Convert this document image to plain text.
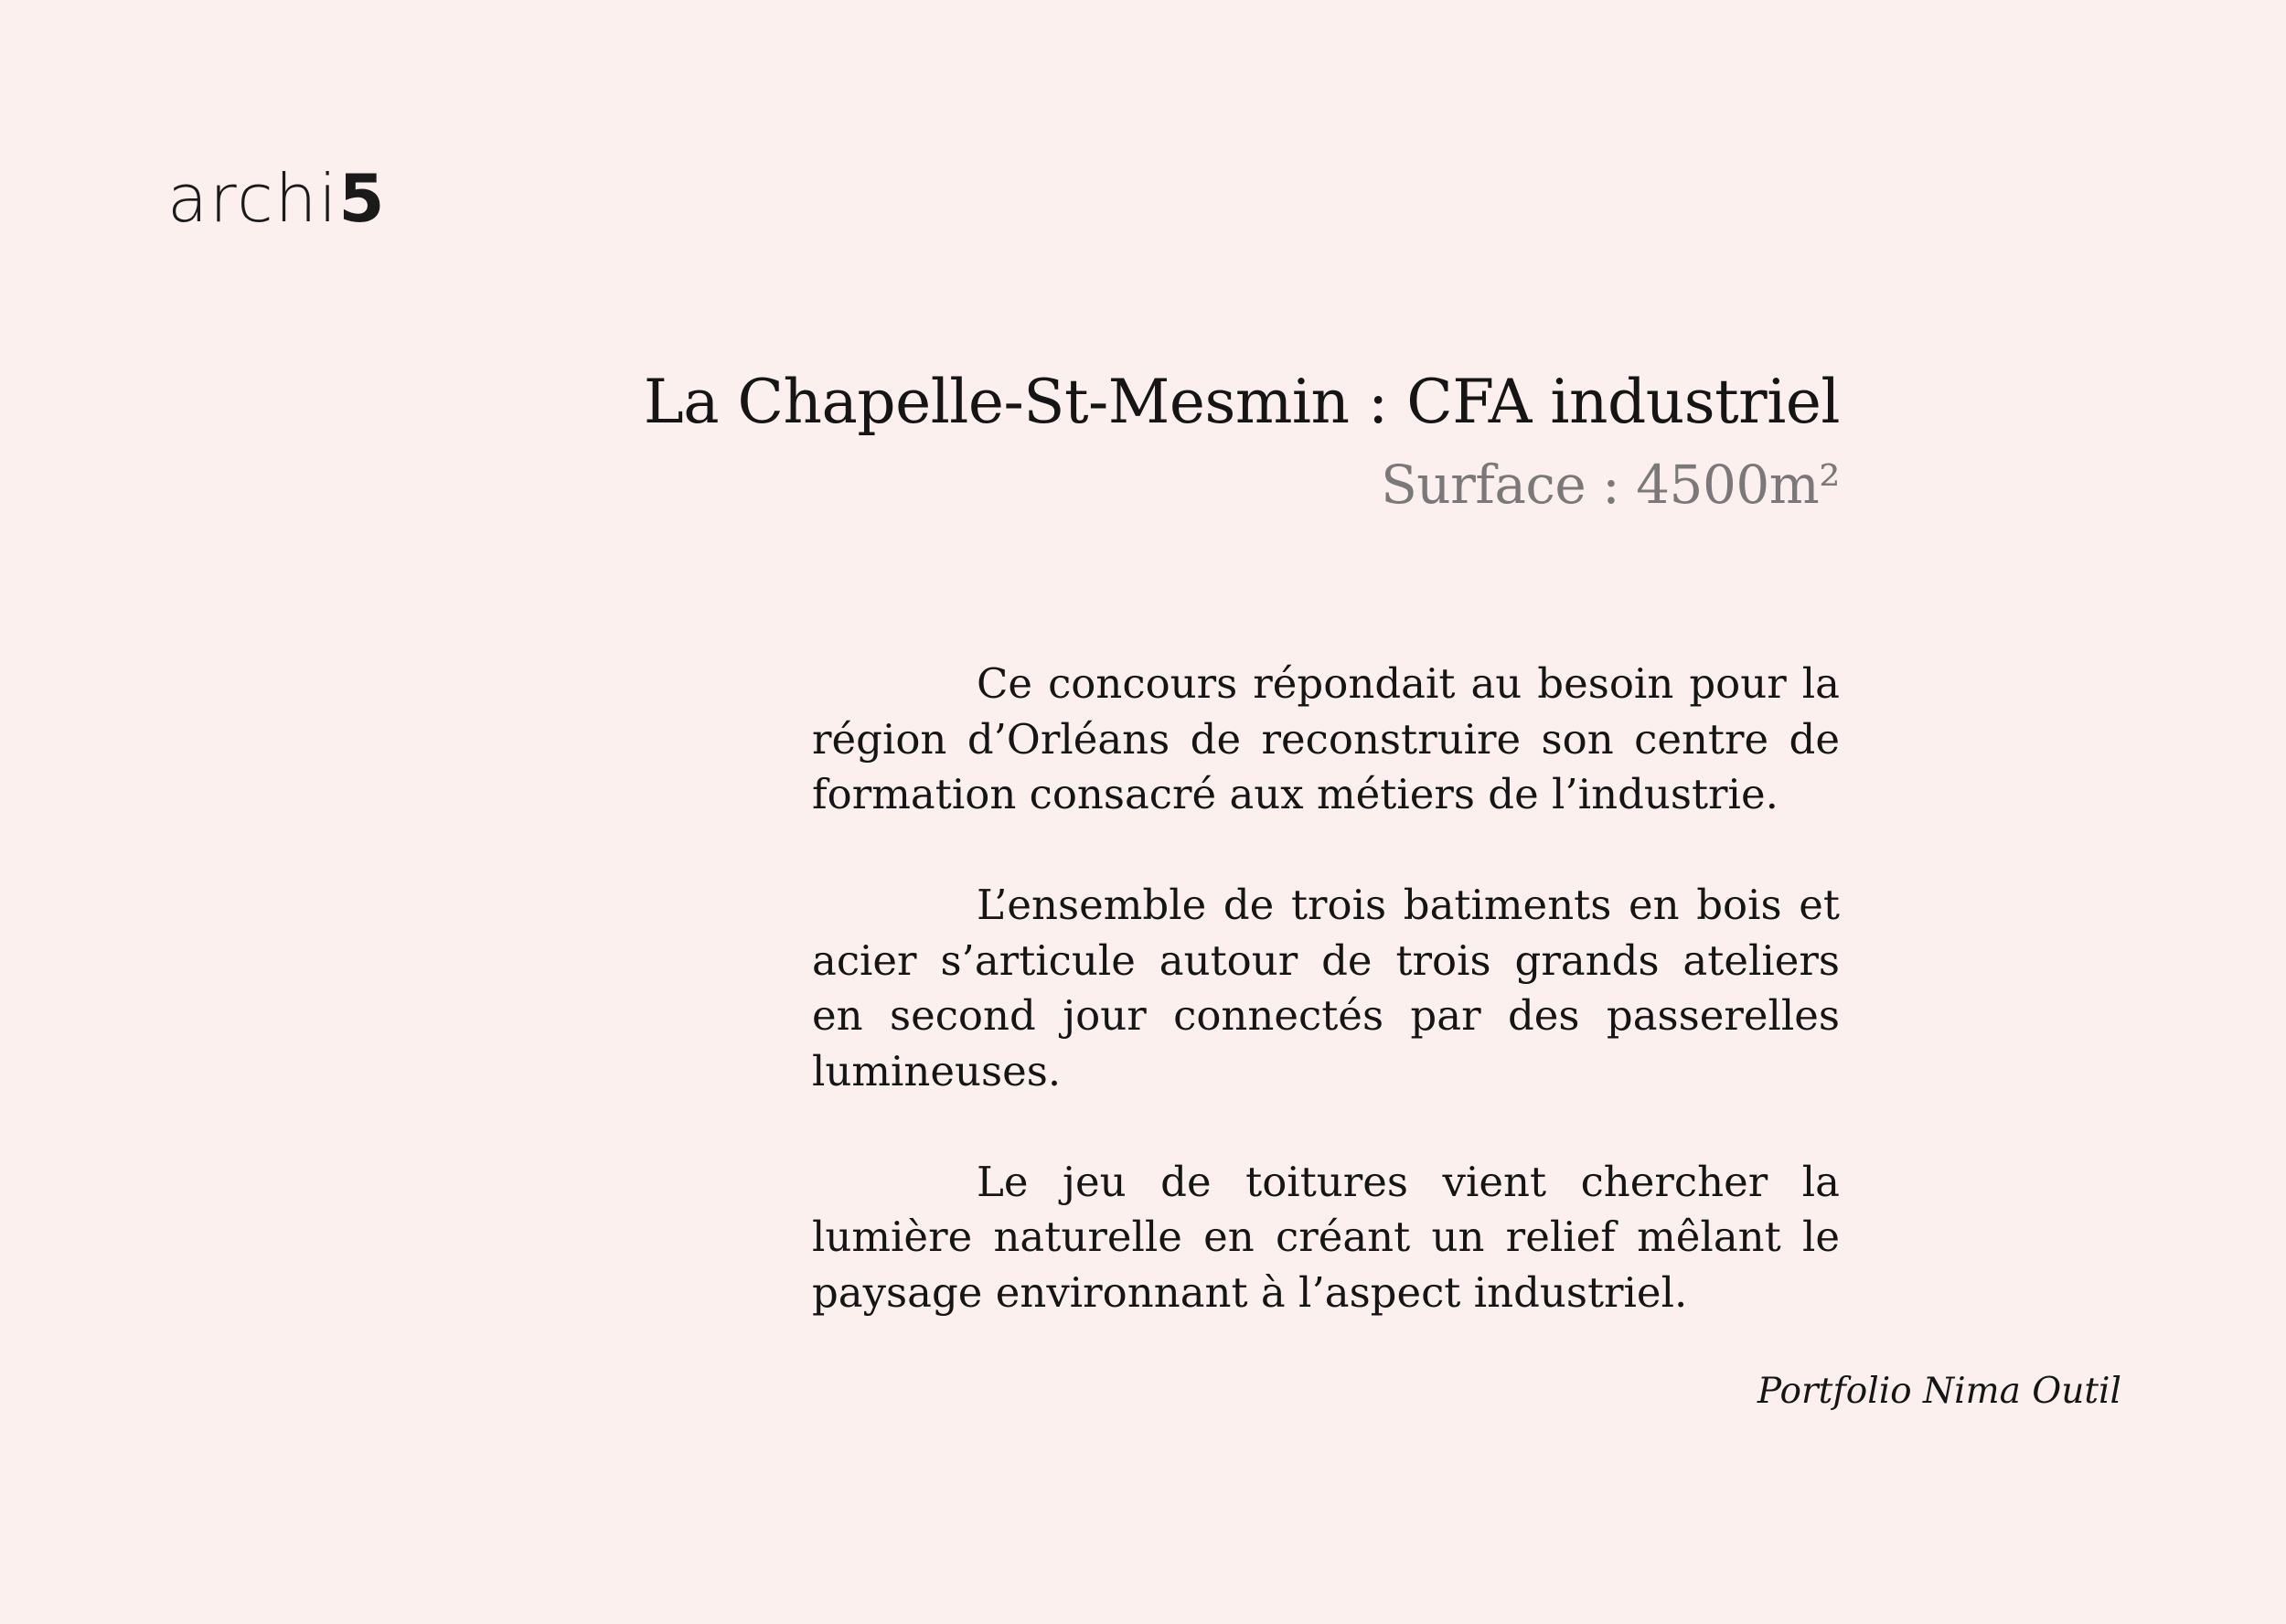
archi5
La Chapelle-St-Mesmin : CFA industriel
Surface : 4500m²

Ce concours répondait au besoin pour la région d’Orléans de reconstruire son centre de formation consacré aux métiers de l’industrie.

L’ensemble de trois batiments en bois et acier s’articule autour de trois grands ateliers en second jour connectés par des passerelles lumineuses.

Le jeu de toitures vient chercher la lumière naturelle en créant un relief mêlant le paysage environnant à l’aspect industriel.

Portfolio Nima Outil
